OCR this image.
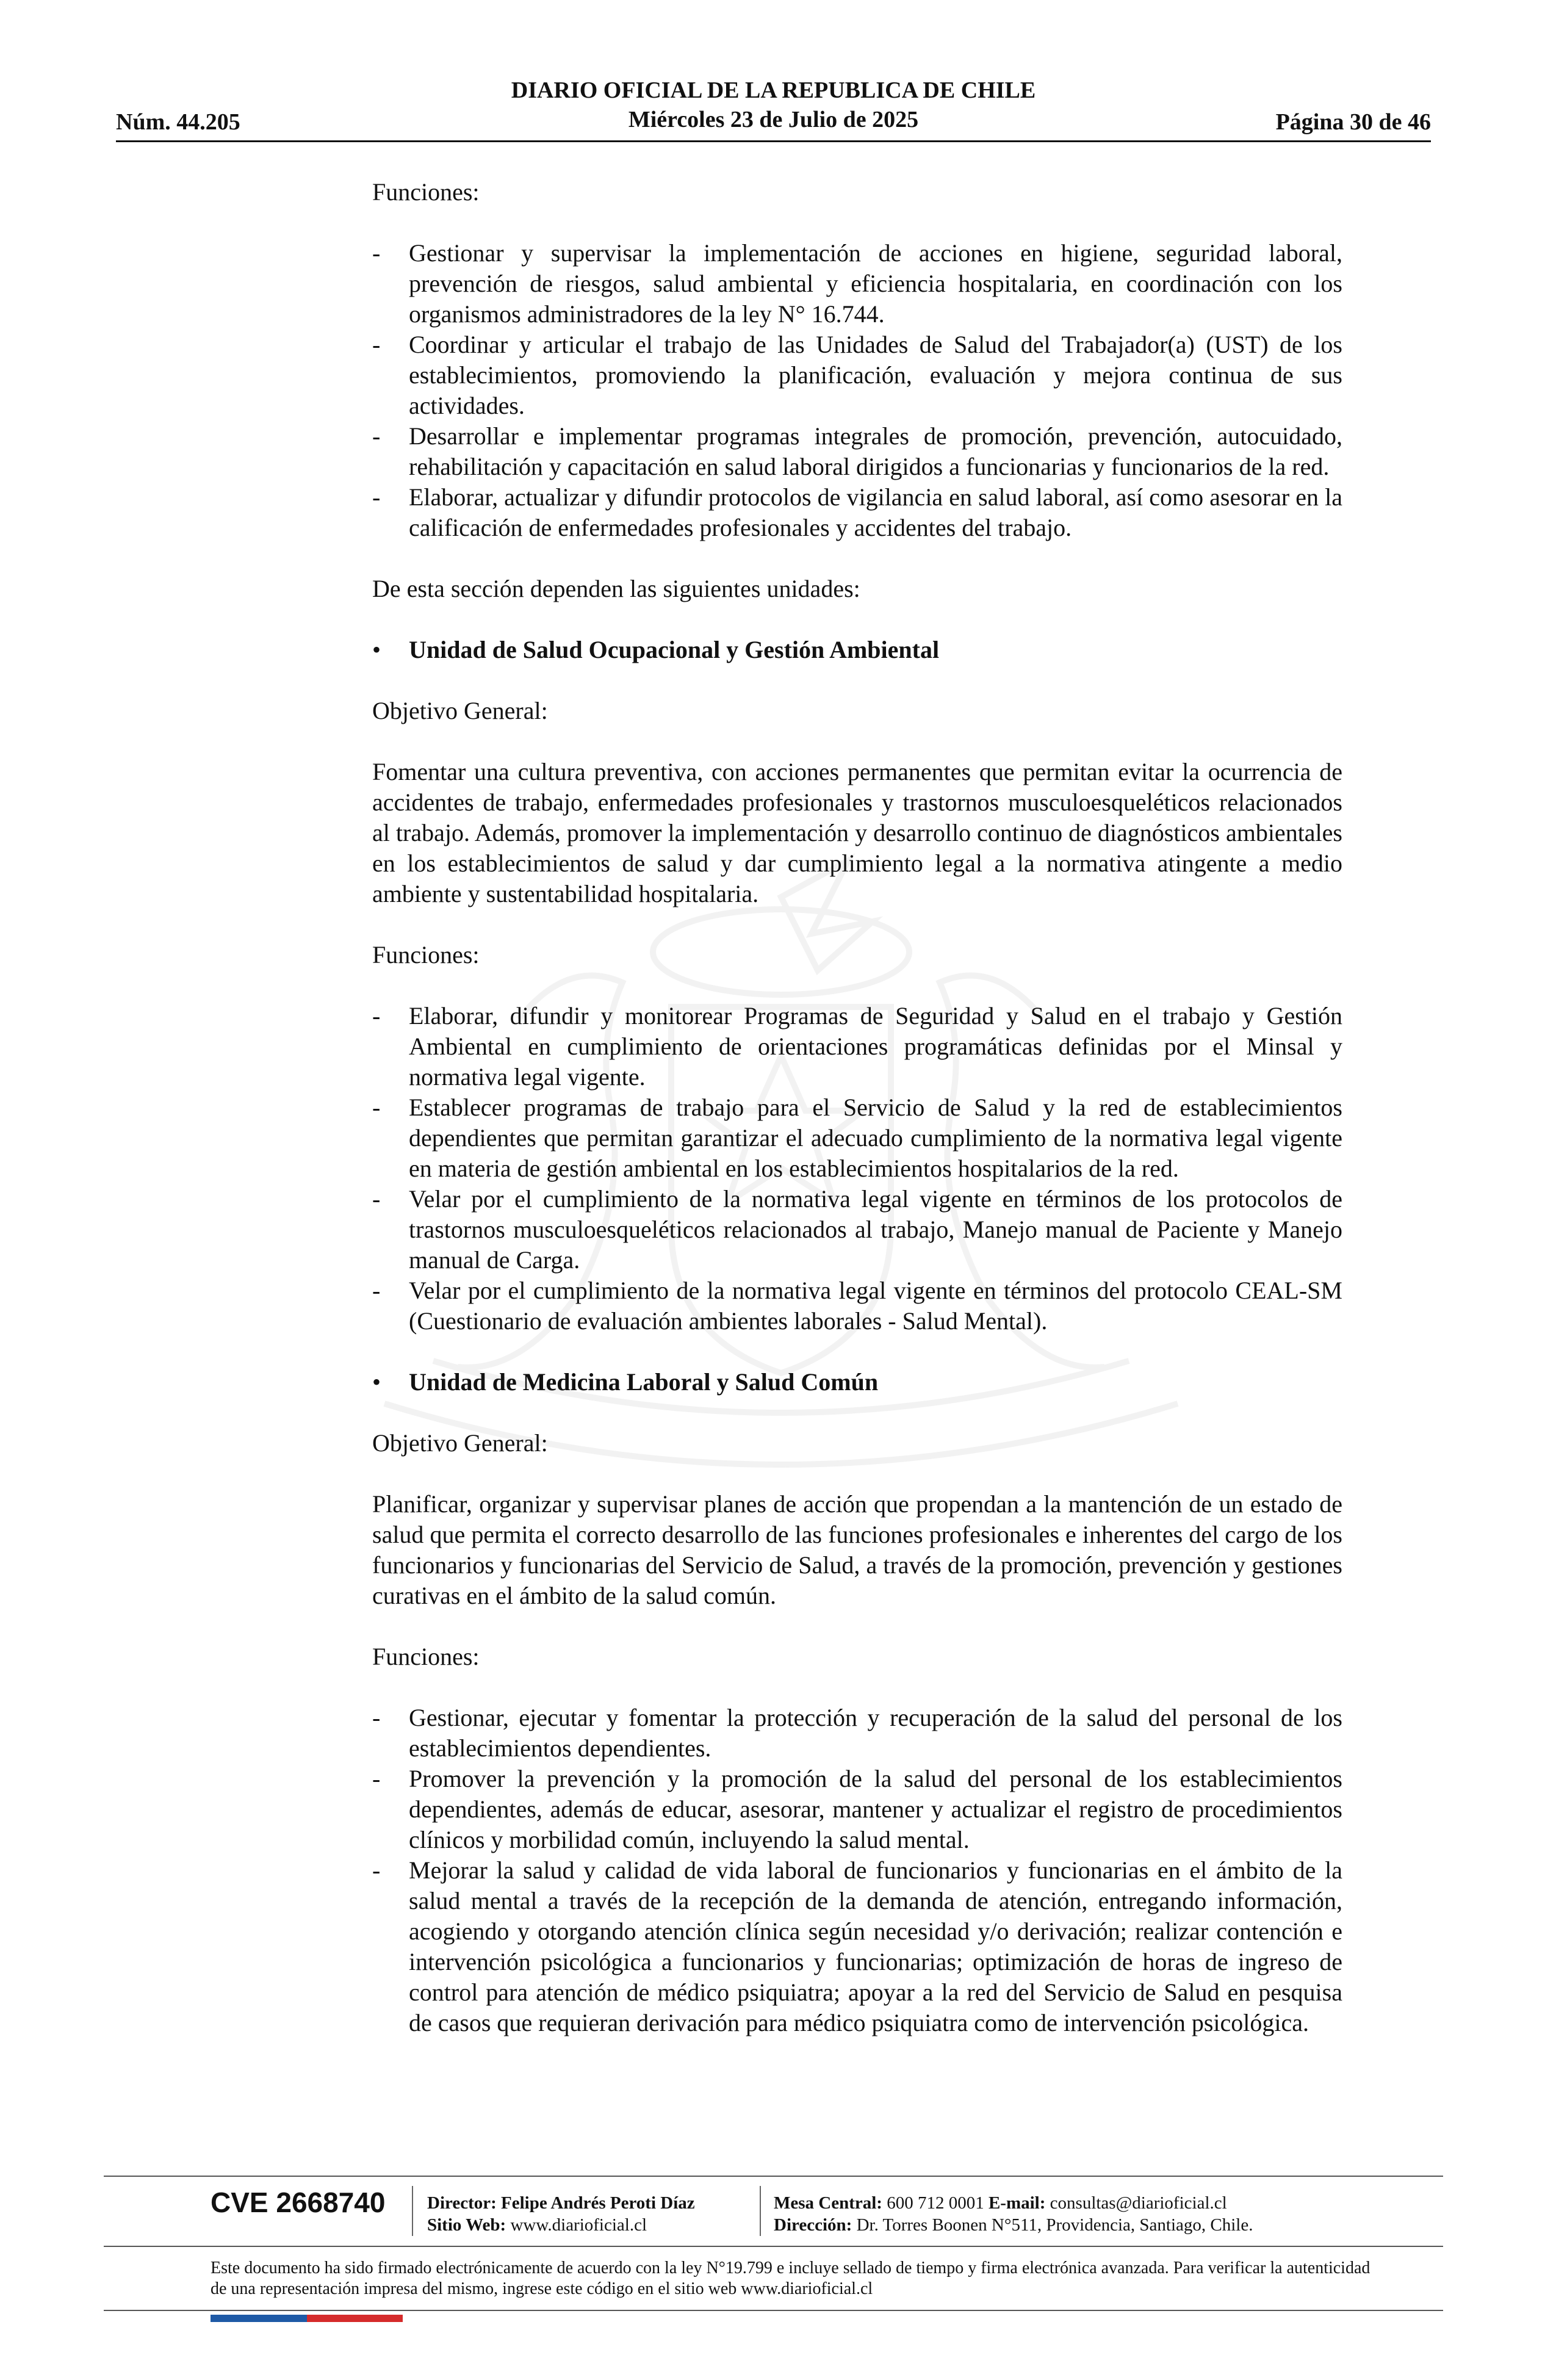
Núm. 44.205
DIARIO OFICIAL DE LA REPUBLICA DE CHILE
Miércoles 23 de Julio de 2025	Página 30 de 46

Funciones:

- Gestionar y supervisar la implementación de acciones en higiene, seguridad laboral, prevención de riesgos, salud ambiental y eficiencia hospitalaria, en coordinación con los organismos administradores de la ley N° 16.744.

- Coordinar y articular el trabajo de las Unidades de Salud del Trabajador(a) (UST) de los establecimientos, promoviendo la planificación, evaluación y mejora continua de sus actividades.

- Desarrollar e implementar programas integrales de promoción, prevención, autocuidado, rehabilitación y capacitación en salud laboral dirigidos a funcionarias y funcionarios de la red.

- Elaborar, actualizar y difundir protocolos de vigilancia en salud laboral, así como asesorar en la calificación de enfermedades profesionales y accidentes del trabajo.

De esta sección dependen las siguientes unidades:

• Unidad de Salud Ocupacional y Gestión Ambiental

Objetivo General:

Fomentar una cultura preventiva, con acciones permanentes que permitan evitar la ocurrencia de accidentes de trabajo, enfermedades profesionales y trastornos musculoesqueléticos relacionados al trabajo. Además, promover la implementación y desarrollo continuo de diagnósticos ambientales en los establecimientos de salud y dar cumplimiento legal a la normativa atingente a medio ambiente y sustentabilidad hospitalaria.

Funciones:

- Elaborar, difundir y monitorear Programas de Seguridad y Salud en el trabajo y Gestión Ambiental en cumplimiento de orientaciones programáticas definidas por el Minsal y normativa legal vigente.

- Establecer programas de trabajo para el Servicio de Salud y la red de establecimientos dependientes que permitan garantizar el adecuado cumplimiento de la normativa legal vigente en materia de gestión ambiental en los establecimientos hospitalarios de la red.

- Velar por el cumplimiento de la normativa legal vigente en términos de los protocolos de trastornos musculoesqueléticos relacionados al trabajo, Manejo manual de Paciente y Manejo manual de Carga.

- Velar por el cumplimiento de la normativa legal vigente en términos del protocolo CEAL-SM (Cuestionario de evaluación ambientes laborales - Salud Mental).

• Unidad de Medicina Laboral y Salud Común

Objetivo General:

Planificar, organizar y supervisar planes de acción que propendan a la mantención de un estado de salud que permita el correcto desarrollo de las funciones profesionales e inherentes del cargo de los funcionarios y funcionarias del Servicio de Salud, a través de la promoción, prevención y gestiones curativas en el ámbito de la salud común.

Funciones:

- Gestionar, ejecutar y fomentar la protección y recuperación de la salud del personal de los establecimientos dependientes.

- Promover la prevención y la promoción de la salud del personal de los establecimientos dependientes, además de educar, asesorar, mantener y actualizar el registro de procedimientos clínicos y morbilidad común, incluyendo la salud mental.

- Mejorar la salud y calidad de vida laboral de funcionarios y funcionarias en el ámbito de la salud mental a través de la recepción de la demanda de atención, entregando información, acogiendo y otorgando atención clínica según necesidad y/o derivación; realizar contención e intervención psicológica a funcionarios y funcionarias; optimización de horas de ingreso de control para atención de médico psiquiatra; apoyar a la red del Servicio de Salud en pesquisa de casos que requieran derivación para médico psiquiatra como de intervención psicológica.

CVE 2668740 Director: Felipe Andrés Peroti Díaz
Sitio Web: www.diarioficial.cl
Mesa Central: 600 712 0001 E-mail: consultas@diarioficial.cl
Dirección: Dr. Torres Boonen N°511, Providencia, Santiago, Chile.
Este documento ha sido firmado electrónicamente de acuerdo con la ley N°19.799 e incluye sellado de tiempo y firma electrónica avanzada. Para verificar la autenticidad de una representación impresa del mismo, ingrese este código en el sitio web www.diarioficial.cl
